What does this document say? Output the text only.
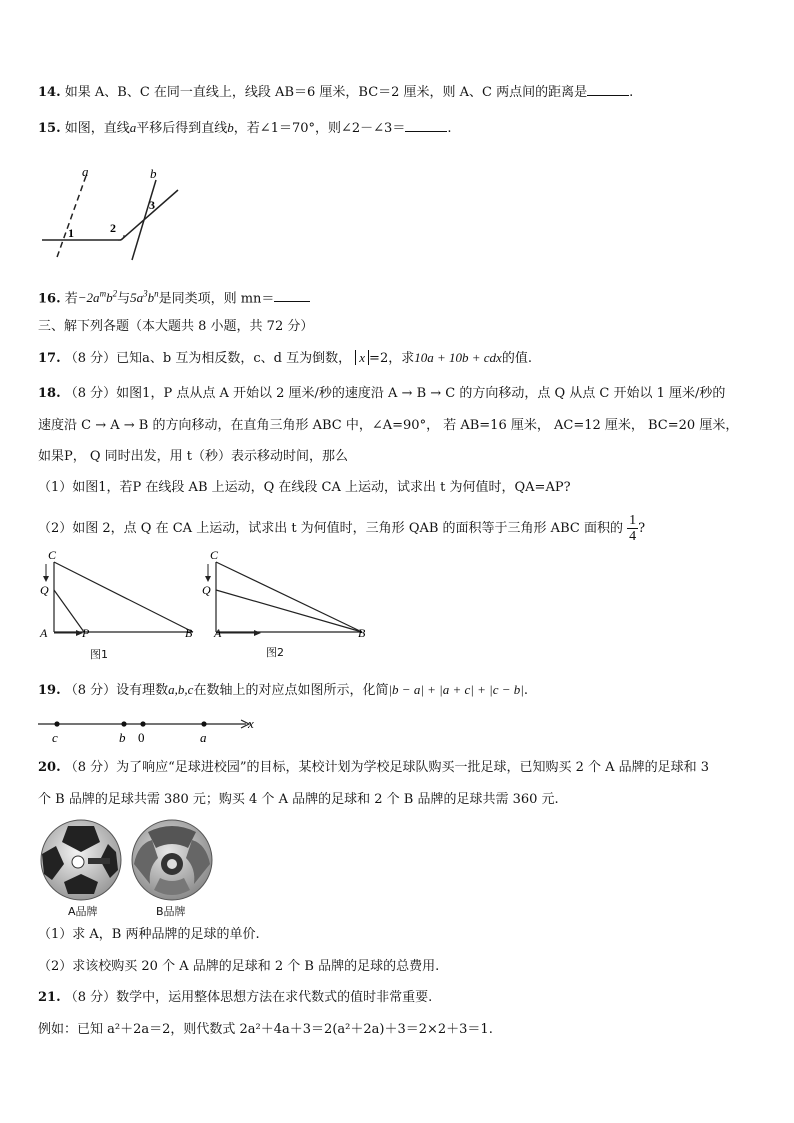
14. 如果 A、B、C 在同一直线上，线段 AB＝6 厘米，BC＝2 厘米，则 A、C 两点间的距离是	.
15. 如图，直线a平移后得到直线b，若∠1＝70°，则∠2－∠3＝	.
a	b
1	2
3
16. 若$-2a^mb^2$与$5a^3b^n$是同类项，则 mn＝
三、解下列各题（本大题共 8 小题，共 72 分）
17. （8 分）已知a、b 互为相反数，c、d 互为倒数， x =2，求10a + 10b + cdx的值.
18. （8 分）如图1，P 点从点 A 开始以 2 厘米/秒的速度沿 A → B → C 的方向移动，点 Q 从点 C 开始以 1 厘米/秒的
速度沿 C → A → B 的方向移动，在直角三角形 ABC 中，∠A=90°， 若 AB=16 厘米， AC=12 厘米， BC=20 厘米，
如果P， Q 同时出发，用 t（秒）表示移动时间，那么
（1）如图1，若P 在线段 AB 上运动，Q 在线段 CA 上运动，试求出 t 为何值时，QA=AP?
（2）如图 2，点 Q 在 CA 上运动，试求出 t 为何值时，三角形 QAB 的面积等于三角形 ABC 面积的 $\frac{1}{4}$ ?
C
Q
A	P	B
图1
C
Q
A	B
图2
19. （8 分）设有理数a,b,c在数轴上的对应点如图所示，化简|b − a| + |a + c| + |c − b|.
c	b 0	a
x
20. （8 分）为了响应“足球进校园”的目标，某校计划为学校足球队购买一批足球，已知购买 2 个 A 品牌的足球和 3
个 B 品牌的足球共需 380 元；购买 4 个 A 品牌的足球和 2 个 B 品牌的足球共需 360 元.
A品牌	B品牌
（1）求 A，B 两种品牌的足球的单价.
（2）求该校购买 20 个 A 品牌的足球和 2 个 B 品牌的足球的总费用.
21. （8 分）数学中，运用整体思想方法在求代数式的值时非常重要.
例如：已知 a²＋2a＝2，则代数式 2a²＋4a＋3＝2(a²＋2a)＋3＝2×2＋3＝1.
